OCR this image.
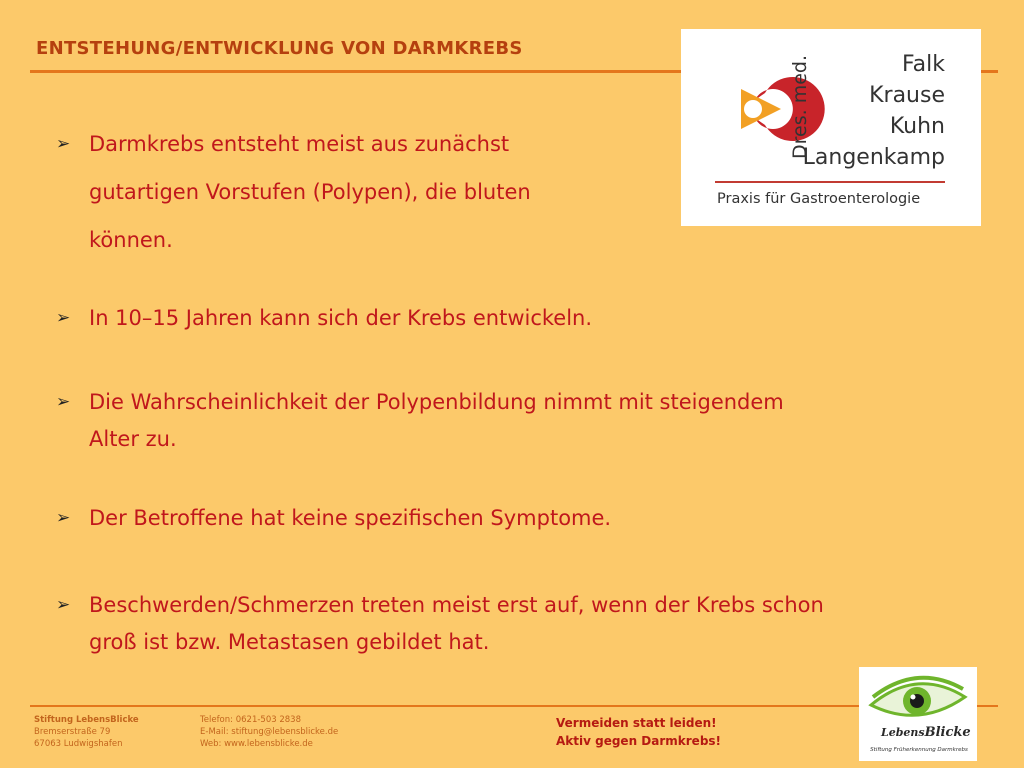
ENTSTEHUNG/ENTWICKLUNG VON DARMKREBS
Dres. med.	Falk
Krause
Kuhn
Langenkamp
Praxis für Gastroenterologie
➢ Darmkrebs entsteht meist aus zunächst
gutartigen Vorstufen (Polypen), die bluten
können.
➢ In 10–15 Jahren kann sich der Krebs entwickeln.
➢ Die Wahrscheinlichkeit der Polypenbildung nimmt mit steigendem
Alter zu.
➢ Der Betroffene hat keine spezifischen Symptome.
➢ Beschwerden/Schmerzen treten meist erst auf, wenn der Krebs schon
groß ist bzw. Metastasen gebildet hat.
Stiftung LebensBlicke
Bremserstraße 79
67063 Ludwigshafen
Telefon: 0621-503 2838
E-Mail: stiftung@lebensblicke.de
Web: www.lebensblicke.de
Vermeiden statt leiden!
Aktiv gegen Darmkrebs!
LebensBlicke
Stiftung Früherkennung Darmkrebs
